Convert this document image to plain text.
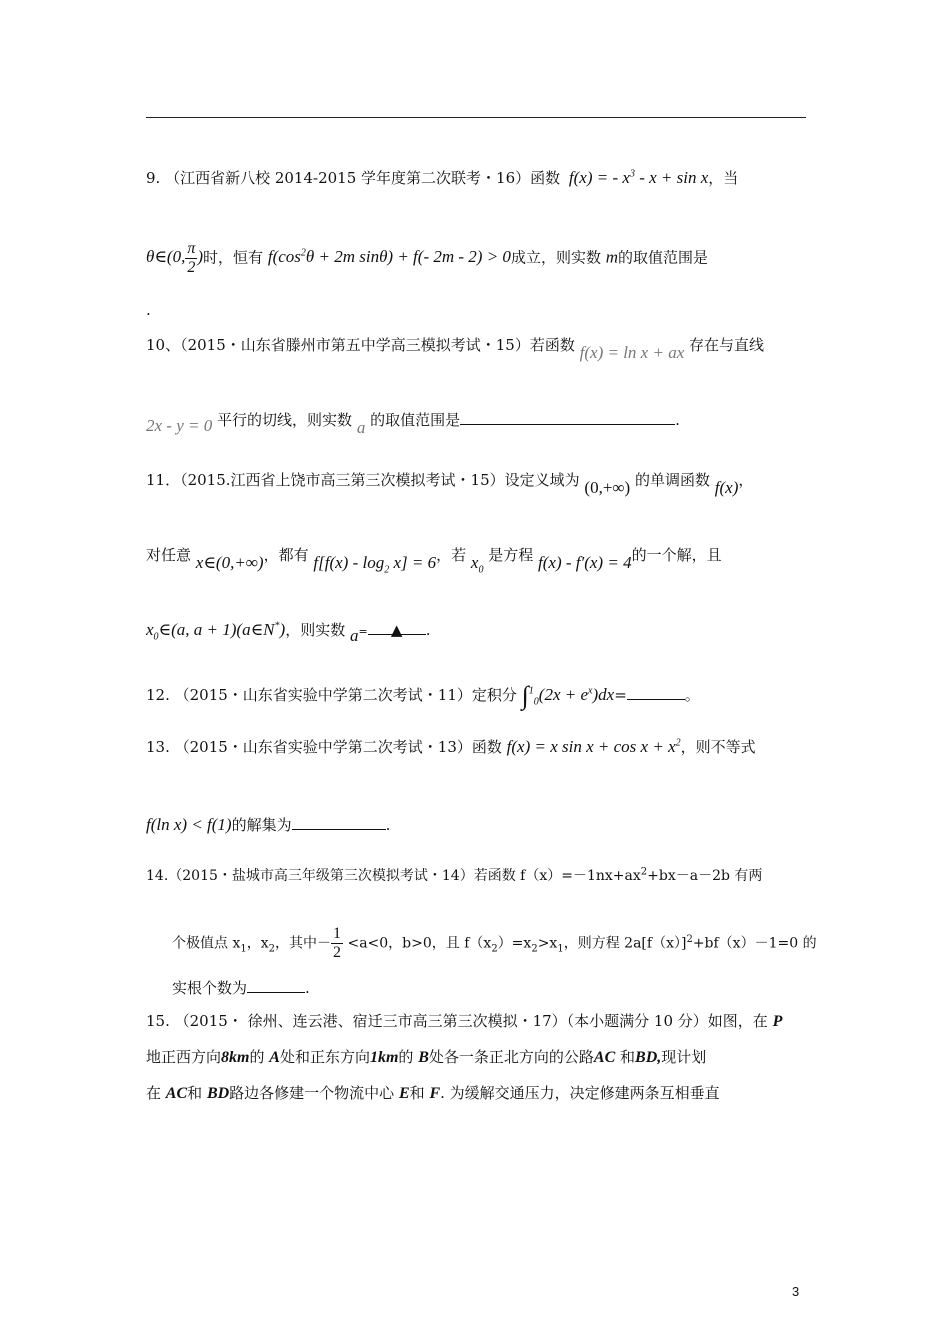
9. （江西省新八校 2014-2015 学年度第二次联考・16）函数 f(x) = - $x^3 - x + \sin x$，当
θ∈(0, $\frac{\pi}{2}$ )时，恒有 $f(\cos^2\theta + 2m$ sinθ) + f(- 2m - 2) > 0成立，则实数 m的取值范围是
.
10、（2015・山东省滕州市第五中学高三模拟考试・15）若函数 f(x) = ln x + ax 存在与直线
2x - y = 0 平行的切线，则实数 a 的取值范围是	.
11．（2015.江西省上饶市高三第三次模拟考试・15）设定义域为 (0,+∞) 的单调函数 f(x)，
对任意 x∈(0,+∞)，都有 $f[f(x) - \log_2 x] = 6$，若 $x_0$ 是方程 f(x) - f′(x) = 4的一个解，且
$x_0\in(a$, a + 1)(a∈N*)，则实数 a= ▲ .
12. （2015・山东省实验中学第二次考试・11）定积分 $\int^1_0(2x + e^x)dx=$	。
13. （2015・山东省实验中学第二次考试・13）函数 f(x) = x $\sin x + \cos x + x^2$，则不等式
f(ln x) < f(1)的解集为	.
14.（2015・盐城市高三年级第三次模拟考试・14）若函数 $f(x)=-1nx+ax^2+bx-a-2b$ 有两
个极值点 $x_1$，$x_2$，其中－ $\frac{1}{2} <a<0$，b>0，且 $f(x_2)=x_2>x_1$，则方程 $2a[f(x)]^2+bf(x)-1=0$ 的
实根个数为	.
15. （2015・ 徐州、连云港、宿迁三市高三第三次模拟・17）（本小题满分 10 分）如图，在 P
地正西方向8km的 A处和正东方向1km的 B处各一条正北方向的公路AC 和BD,现计划
在 AC和 BD路边各修建一个物流中心 E和 F. 为缓解交通压力，决定修建两条互相垂直
3
